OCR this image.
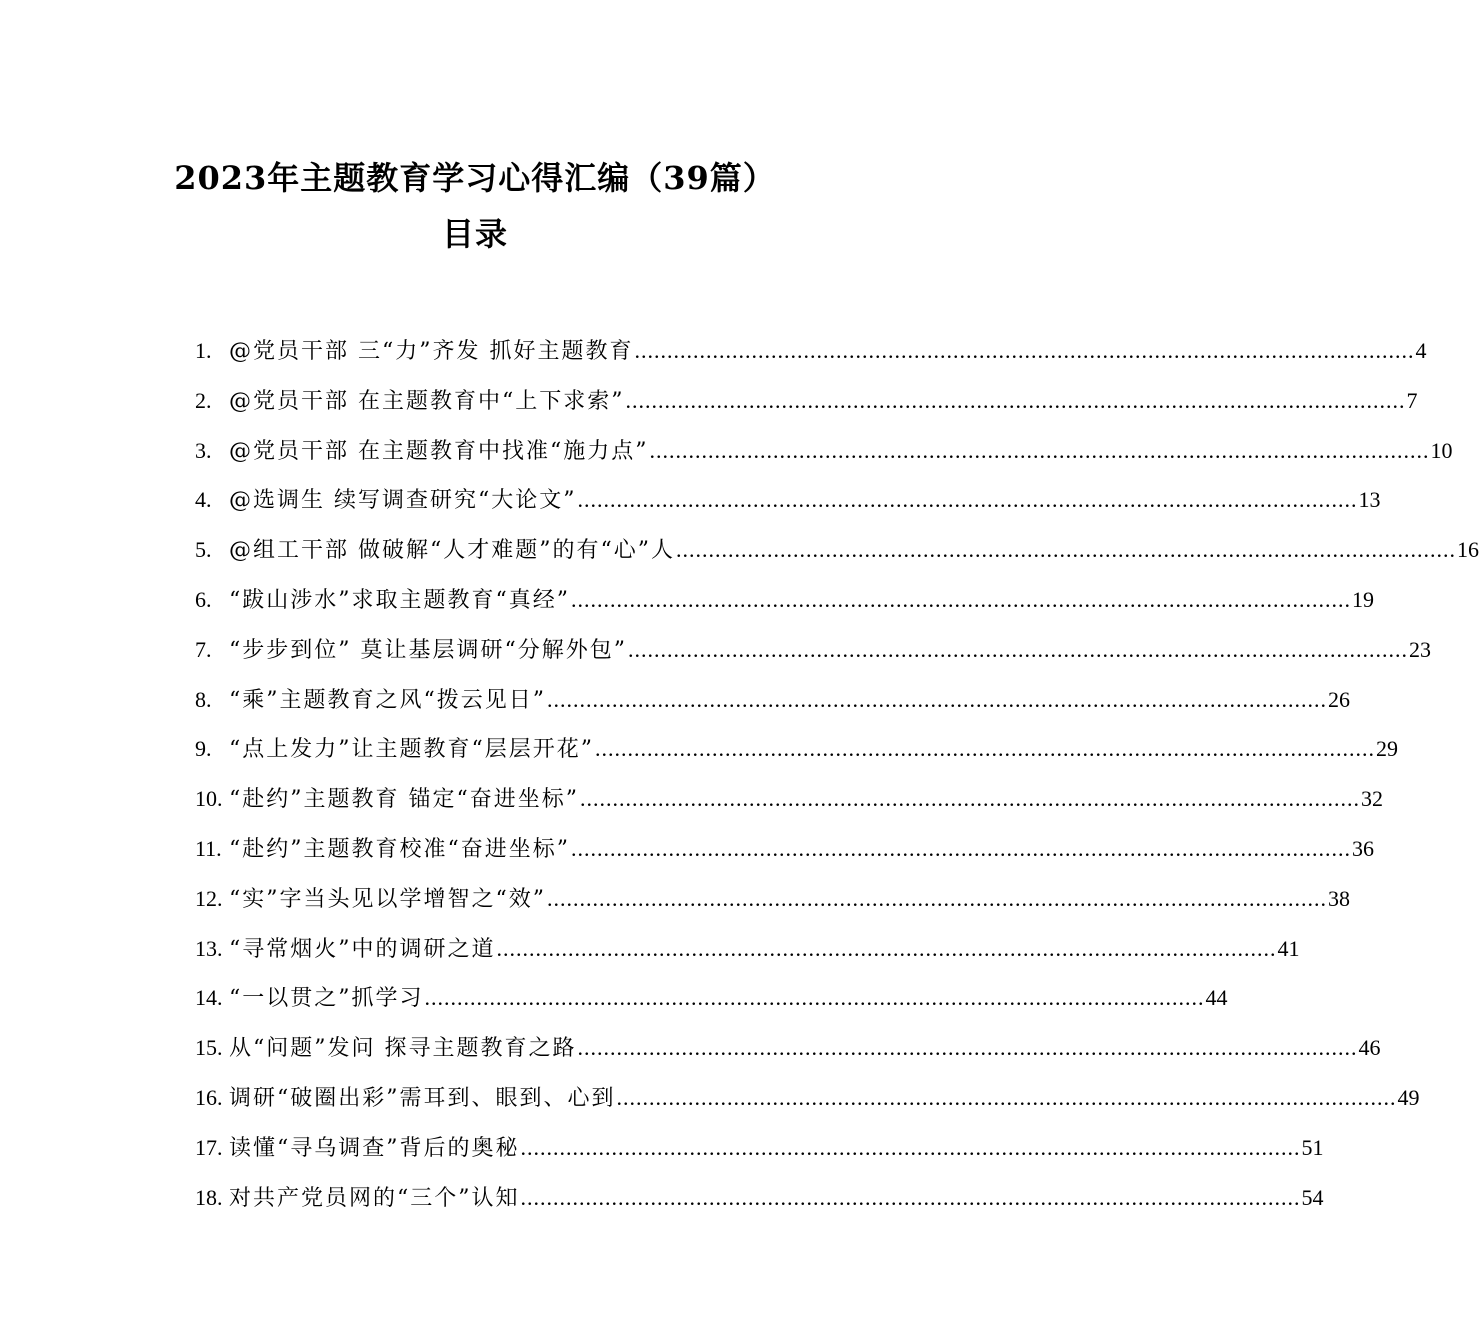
2023年主题教育学习心得汇编（39篇）
目录
1. @党员干部 三“力”齐发 抓好主题教育 .....	4
2. @党员干部 在主题教育中“上下求索” .....	7
3. @党员干部 在主题教育中找准“施力点” .....	10
4. @选调生 续写调查研究“大论文” .....	13
5. @组工干部 做破解“人才难题”的有“心”人 .....	16
6. “跋山涉水”求取主题教育“真经” .....	19
7. “步步到位” 莫让基层调研“分解外包” .....	23
8. “乘”主题教育之风“拨云见日” .....	26
9. “点上发力”让主题教育“层层开花” .....	29
10. “赴约”主题教育 锚定“奋进坐标” .....	32
11. “赴约”主题教育校准“奋进坐标” .....	36
12. “实”字当头见以学增智之“效” .....	38
13. “寻常烟火”中的调研之道 .....	41
14. “一以贯之”抓学习 .....	44
15. 从“问题”发问 探寻主题教育之路 .....	46
16. 调研“破圈出彩”需耳到、眼到、心到 .....	49
17. 读懂“寻乌调查”背后的奥秘 .....	51
18. 对共产党员网的“三个”认知 .....	54
